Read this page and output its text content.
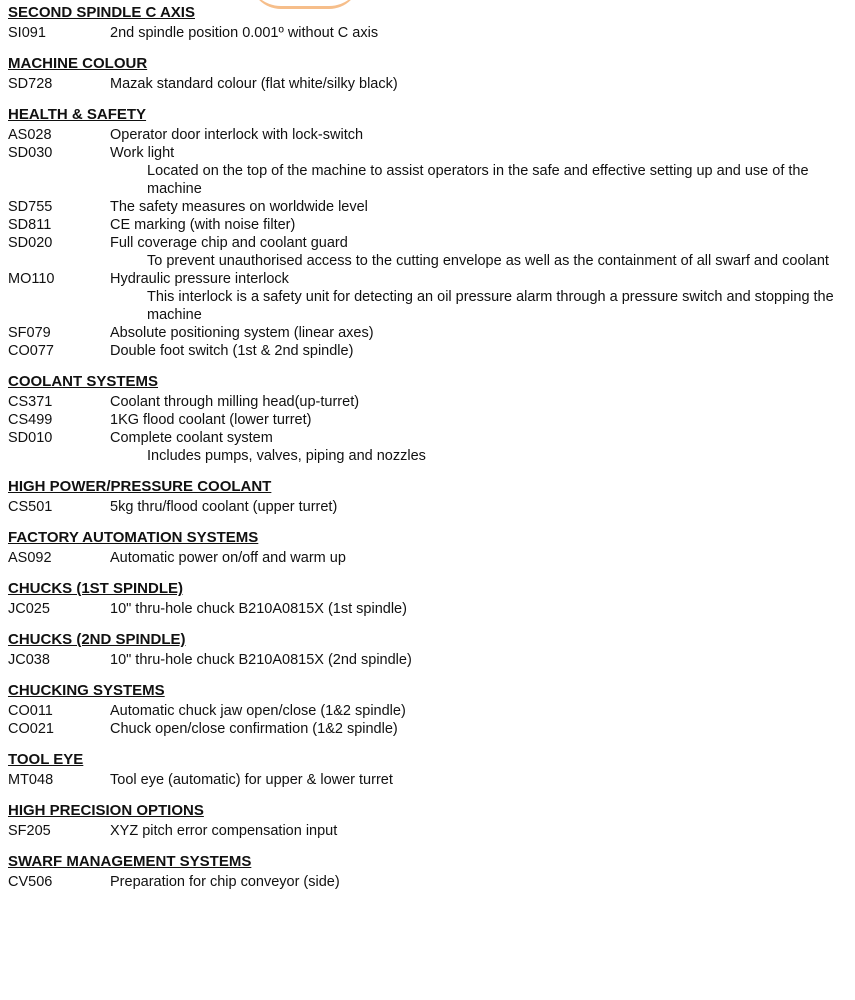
SECOND SPINDLE C AXIS
SI091	2nd spindle position 0.001º without C axis
MACHINE COLOUR
SD728	Mazak standard colour (flat white/silky black)
HEALTH & SAFETY
AS028	Operator door interlock with lock-switch
SD030	Work light
Located on the top of the machine to assist operators in the safe and effective setting up and use of the machine
SD755	The safety measures on worldwide level
SD811	CE marking (with noise filter)
SD020	Full coverage chip and coolant guard
To prevent unauthorised access to the cutting envelope as well as the containment of all swarf and coolant
MO110	Hydraulic pressure interlock
This interlock is a safety unit for detecting an oil pressure alarm through a pressure switch and stopping the machine
SF079	Absolute positioning system (linear axes)
CO077	Double foot switch (1st & 2nd spindle)
COOLANT SYSTEMS
CS371	Coolant through milling head(up-turret)
CS499	1KG flood coolant (lower turret)
SD010	Complete coolant system
Includes pumps, valves, piping and nozzles
HIGH POWER/PRESSURE COOLANT
CS501	5kg thru/flood coolant (upper turret)
FACTORY AUTOMATION SYSTEMS
AS092	Automatic power on/off and warm up
CHUCKS (1ST SPINDLE)
JC025	10" thru-hole chuck B210A0815X (1st spindle)
CHUCKS (2ND SPINDLE)
JC038	10" thru-hole chuck B210A0815X (2nd spindle)
CHUCKING SYSTEMS
CO011	Automatic chuck jaw open/close (1&2 spindle)
CO021	Chuck open/close confirmation (1&2 spindle)
TOOL EYE
MT048	Tool eye (automatic) for upper & lower turret
HIGH PRECISION OPTIONS
SF205	XYZ pitch error compensation input
SWARF MANAGEMENT SYSTEMS
CV506	Preparation for chip conveyor (side)
